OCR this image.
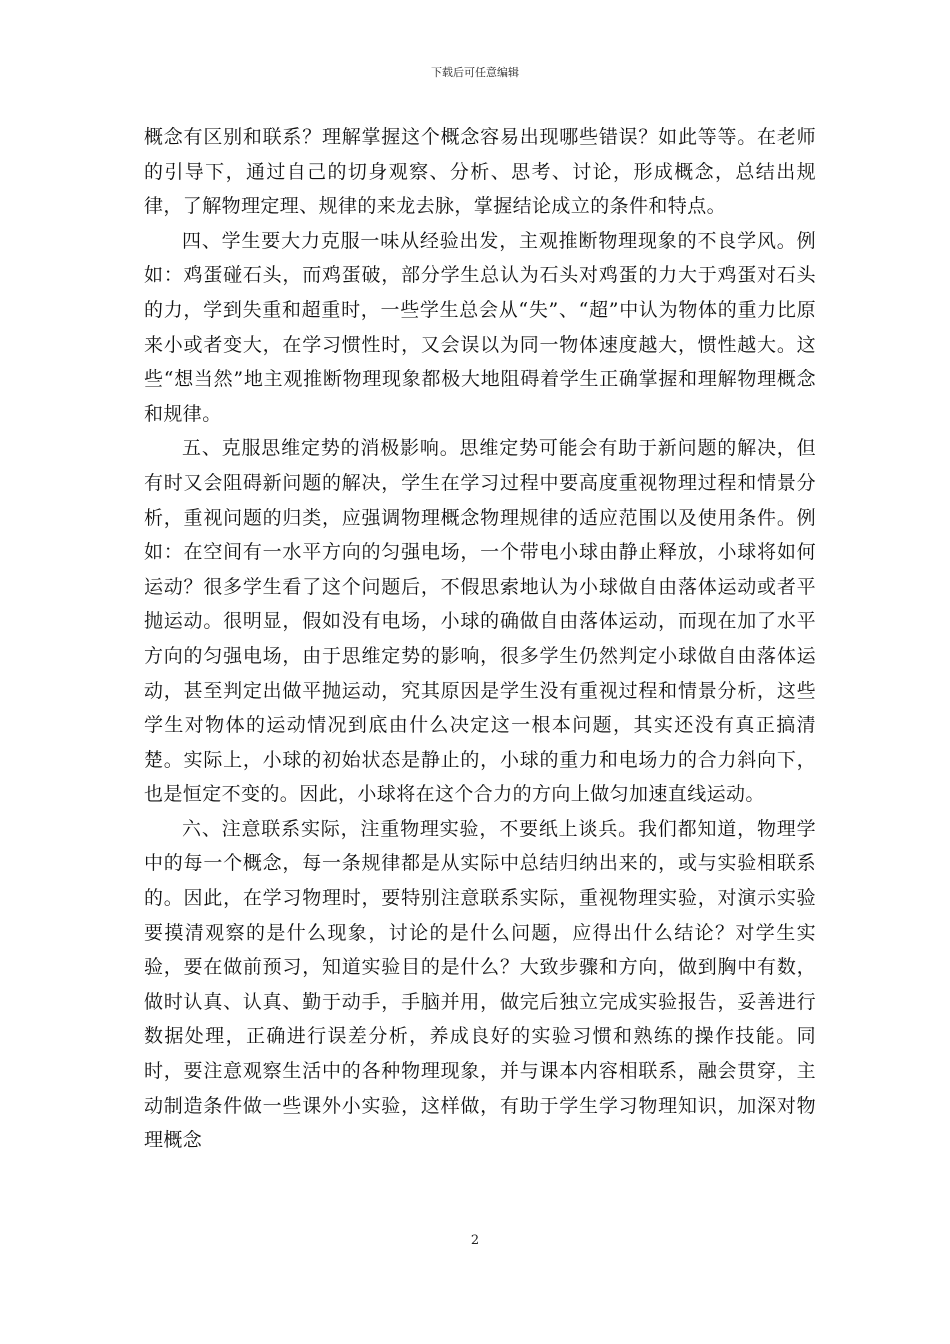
下载后可任意编辑

概念有区别和联系？理解掌握这个概念容易出现哪些错误？如此等等。在老师的引导下，通过自己的切身观察、分析、思考、讨论，形成概念，总结出规律，了解物理定理、规律的来龙去脉，掌握结论成立的条件和特点。

四、学生要大力克服一味从经验出发，主观推断物理现象的不良学风。例如：鸡蛋碰石头，而鸡蛋破，部分学生总认为石头对鸡蛋的力大于鸡蛋对石头的力，学到失重和超重时，一些学生总会从“失”、“超”中认为物体的重力比原来小或者变大，在学习惯性时，又会误以为同一物体速度越大，惯性越大。这些“想当然”地主观推断物理现象都极大地阻碍着学生正确掌握和理解物理概念和规律。

五、克服思维定势的消极影响。思维定势可能会有助于新问题的解决，但有时又会阻碍新问题的解决，学生在学习过程中要高度重视物理过程和情景分析，重视问题的归类，应强调物理概念物理规律的适应范围以及使用条件。例如：在空间有一水平方向的匀强电场，一个带电小球由静止释放，小球将如何运动？很多学生看了这个问题后，不假思索地认为小球做自由落体运动或者平抛运动。很明显，假如没有电场，小球的确做自由落体运动，而现在加了水平方向的匀强电场，由于思维定势的影响，很多学生仍然判定小球做自由落体运动，甚至判定出做平抛运动，究其原因是学生没有重视过程和情景分析，这些学生对物体的运动情况到底由什么决定这一根本问题，其实还没有真正搞清楚。实际上，小球的初始状态是静止的，小球的重力和电场力的合力斜向下，也是恒定不变的。因此，小球将在这个合力的方向上做匀加速直线运动。

六、注意联系实际，注重物理实验，不要纸上谈兵。我们都知道，物理学中的每一个概念，每一条规律都是从实际中总结归纳出来的，或与实验相联系的。因此，在学习物理时，要特别注意联系实际，重视物理实验，对演示实验要摸清观察的是什么现象，讨论的是什么问题，应得出什么结论？对学生实验，要在做前预习，知道实验目的是什么？大致步骤和方向，做到胸中有数，做时认真、认真、勤于动手，手脑并用，做完后独立完成实验报告，妥善进行数据处理，正确进行误差分析，养成良好的实验习惯和熟练的操作技能。同时，要注意观察生活中的各种物理现象，并与课本内容相联系，融会贯穿，主动制造条件做一些课外小实验，这样做，有助于学生学习物理知识，加深对物理概念

2
